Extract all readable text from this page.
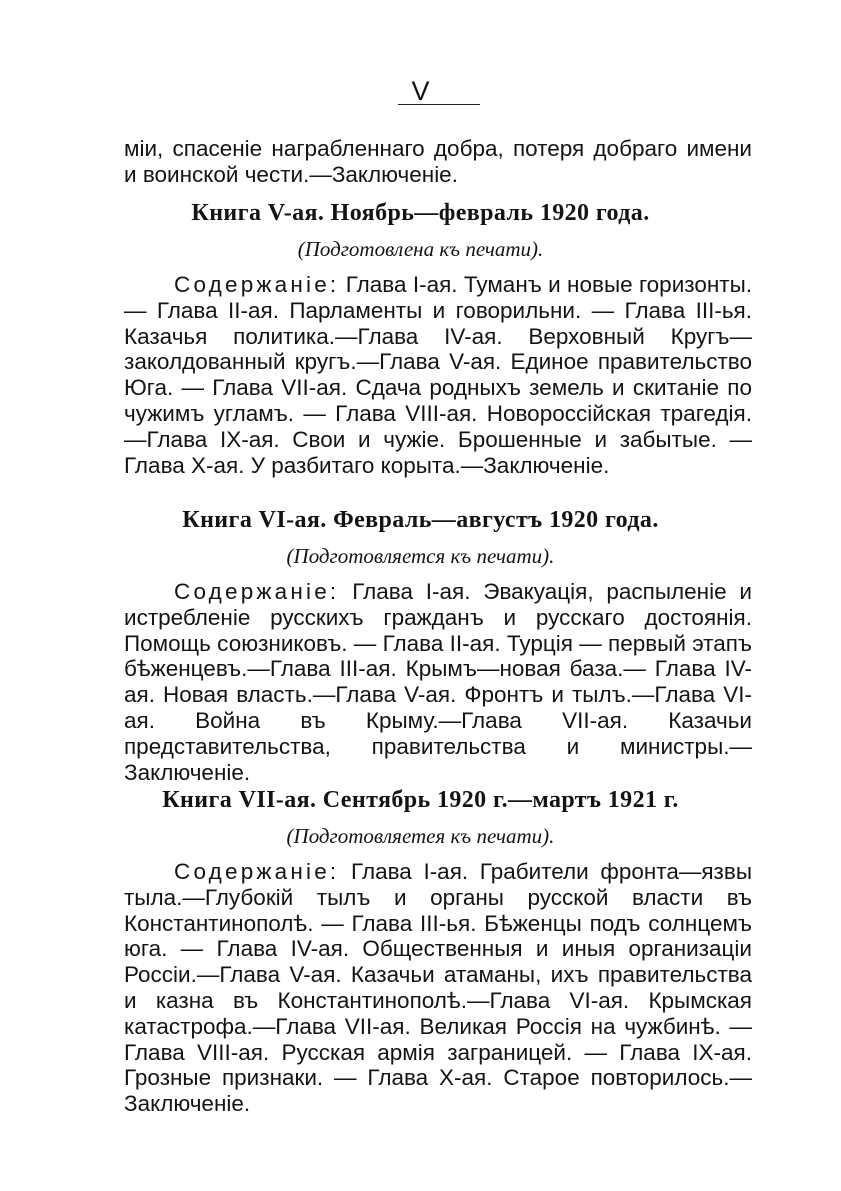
V

міи, спасеніе награбленнаго добра, потеря добраго имени и воинской чести.—Заключеніе.

Книга V-ая. Ноябрь—февраль 1920 года.
(Подготовлена къ печати).

Содержаніе: Глава I-ая. Туманъ и новые горизонты. — Глава II-ая. Парламенты и говорильни. — Глава III-ья. Казачья политика.—Глава IV-ая. Верховный Кругъ—заколдованный кругъ.—Глава V-ая. Единое правительство Юга. — Глава VII-ая. Сдача родныхъ земель и скитаніе по чужимъ угламъ. — Глава VIII-ая. Новороссійская трагедія.—Глава IX-ая. Свои и чужіе. Брошенные и забытые. — Глава X-ая. У разбитаго корыта.—Заключеніе.

Книга VI-ая. Февраль—августъ 1920 года.
(Подготовляется къ печати).

Содержаніе: Глава I-ая. Эвакуація, распыленіе и истребленіе русскихъ гражданъ и русскаго достоянія. Помощь союзниковъ. — Глава II-ая. Турція — первый этапъ бѣженцевъ.—Глава III-ая. Крымъ—новая база.— Глава IV-ая. Новая власть.—Глава V-ая. Фронтъ и тылъ.—Глава VI-ая. Война въ Крыму.—Глава VII-ая. Казачьи представительства, правительства и министры.—Заключеніе.

Книга VII-ая. Сентябрь 1920 г.—мартъ 1921 г.
(Подготовляетея къ печати).

Содержаніе: Глава I-ая. Грабители фронта—язвы тыла.—Глубокій тылъ и органы русской власти въ Константинополѣ. — Глава III-ья. Бѣженцы подъ солнцемъ юга. — Глава IV-ая. Общественныя и иныя организаціи Россіи.—Глава V-ая. Казачьи атаманы, ихъ правительства и казна въ Константинополѣ.—Глава VI-ая. Крымская катастрофа.—Глава VII-ая. Великая Россія на чужбинѣ. — Глава VIII-ая. Русская армія заграницей. — Глава IX-ая. Грозные признаки. — Глава X-ая. Старое повторилось.—Заключеніе.
